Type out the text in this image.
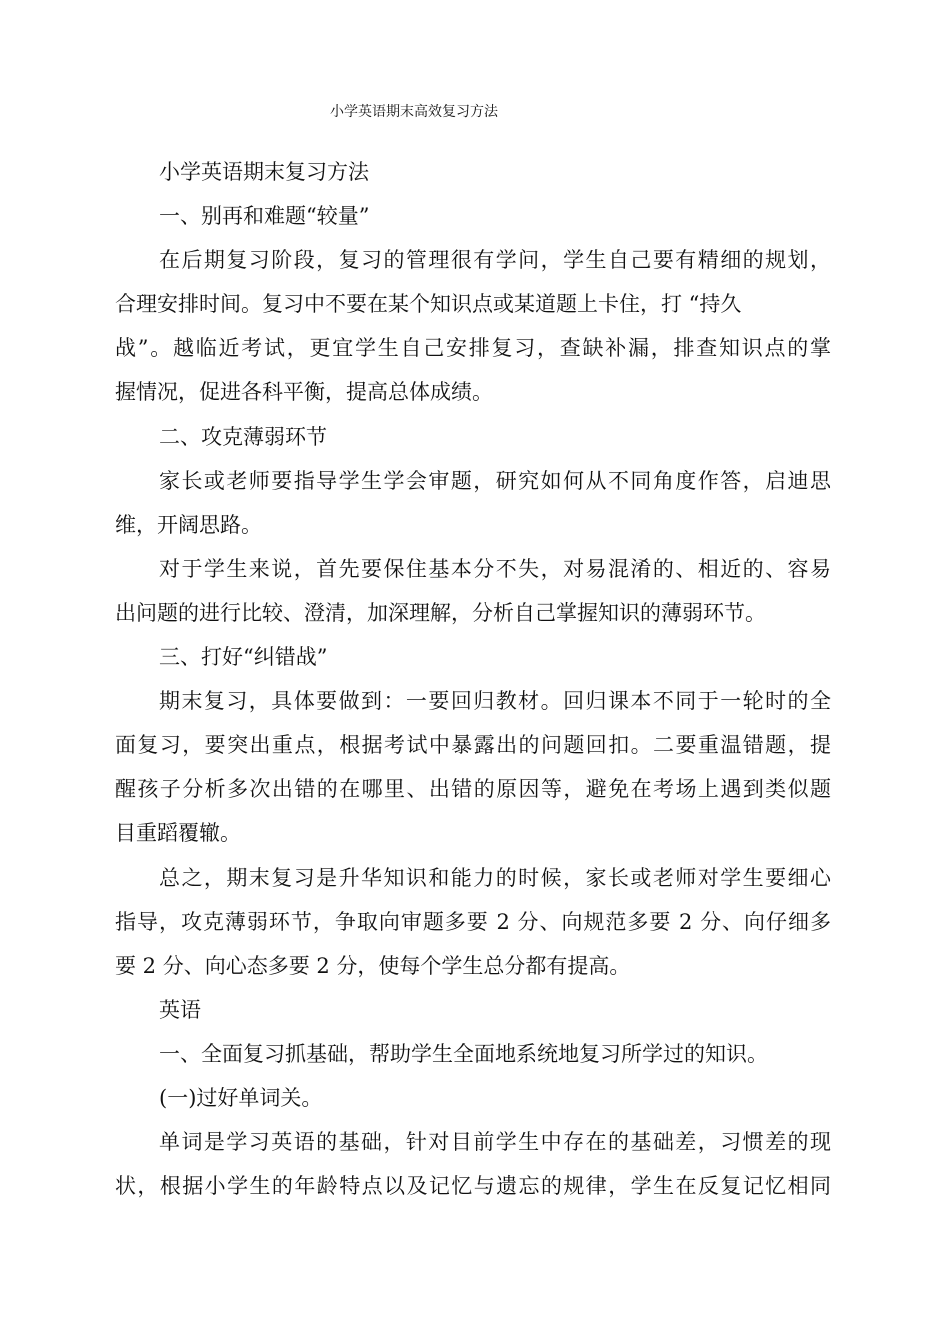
小学英语期末高效复习方法
小学英语期末复习方法
一、别再和难题“较量”
在后期复习阶段，复习的管理很有学问，学生自己要有精细的规划，
合理安排时间。复习中不要在某个知识点或某道题上卡住，打 “持久
战”。越临近考试，更宜学生自己安排复习，查缺补漏，排查知识点的掌
握情况，促进各科平衡，提高总体成绩。
二、攻克薄弱环节
家长或老师要指导学生学会审题，研究如何从不同角度作答，启迪思
维，开阔思路。
对于学生来说，首先要保住基本分不失，对易混淆的、相近的、容易
出问题的进行比较、澄清，加深理解，分析自己掌握知识的薄弱环节。
三、打好“纠错战”
期末复习，具体要做到：一要回归教材。回归课本不同于一轮时的全
面复习，要突出重点，根据考试中暴露出的问题回扣。二要重温错题，提
醒孩子分析多次出错的在哪里、出错的原因等，避免在考场上遇到类似题
目重蹈覆辙。
总之，期末复习是升华知识和能力的时候，家长或老师对学生要细心
指导，攻克薄弱环节，争取向审题多要 2 分、向规范多要 2 分、向仔细多
要 2 分、向心态多要 2 分，使每个学生总分都有提高。
英语
一、全面复习抓基础，帮助学生全面地系统地复习所学过的知识。
(一)过好单词关。
单词是学习英语的基础，针对目前学生中存在的基础差，习惯差的现
状，根据小学生的年龄特点以及记忆与遗忘的规律，学生在反复记忆相同
